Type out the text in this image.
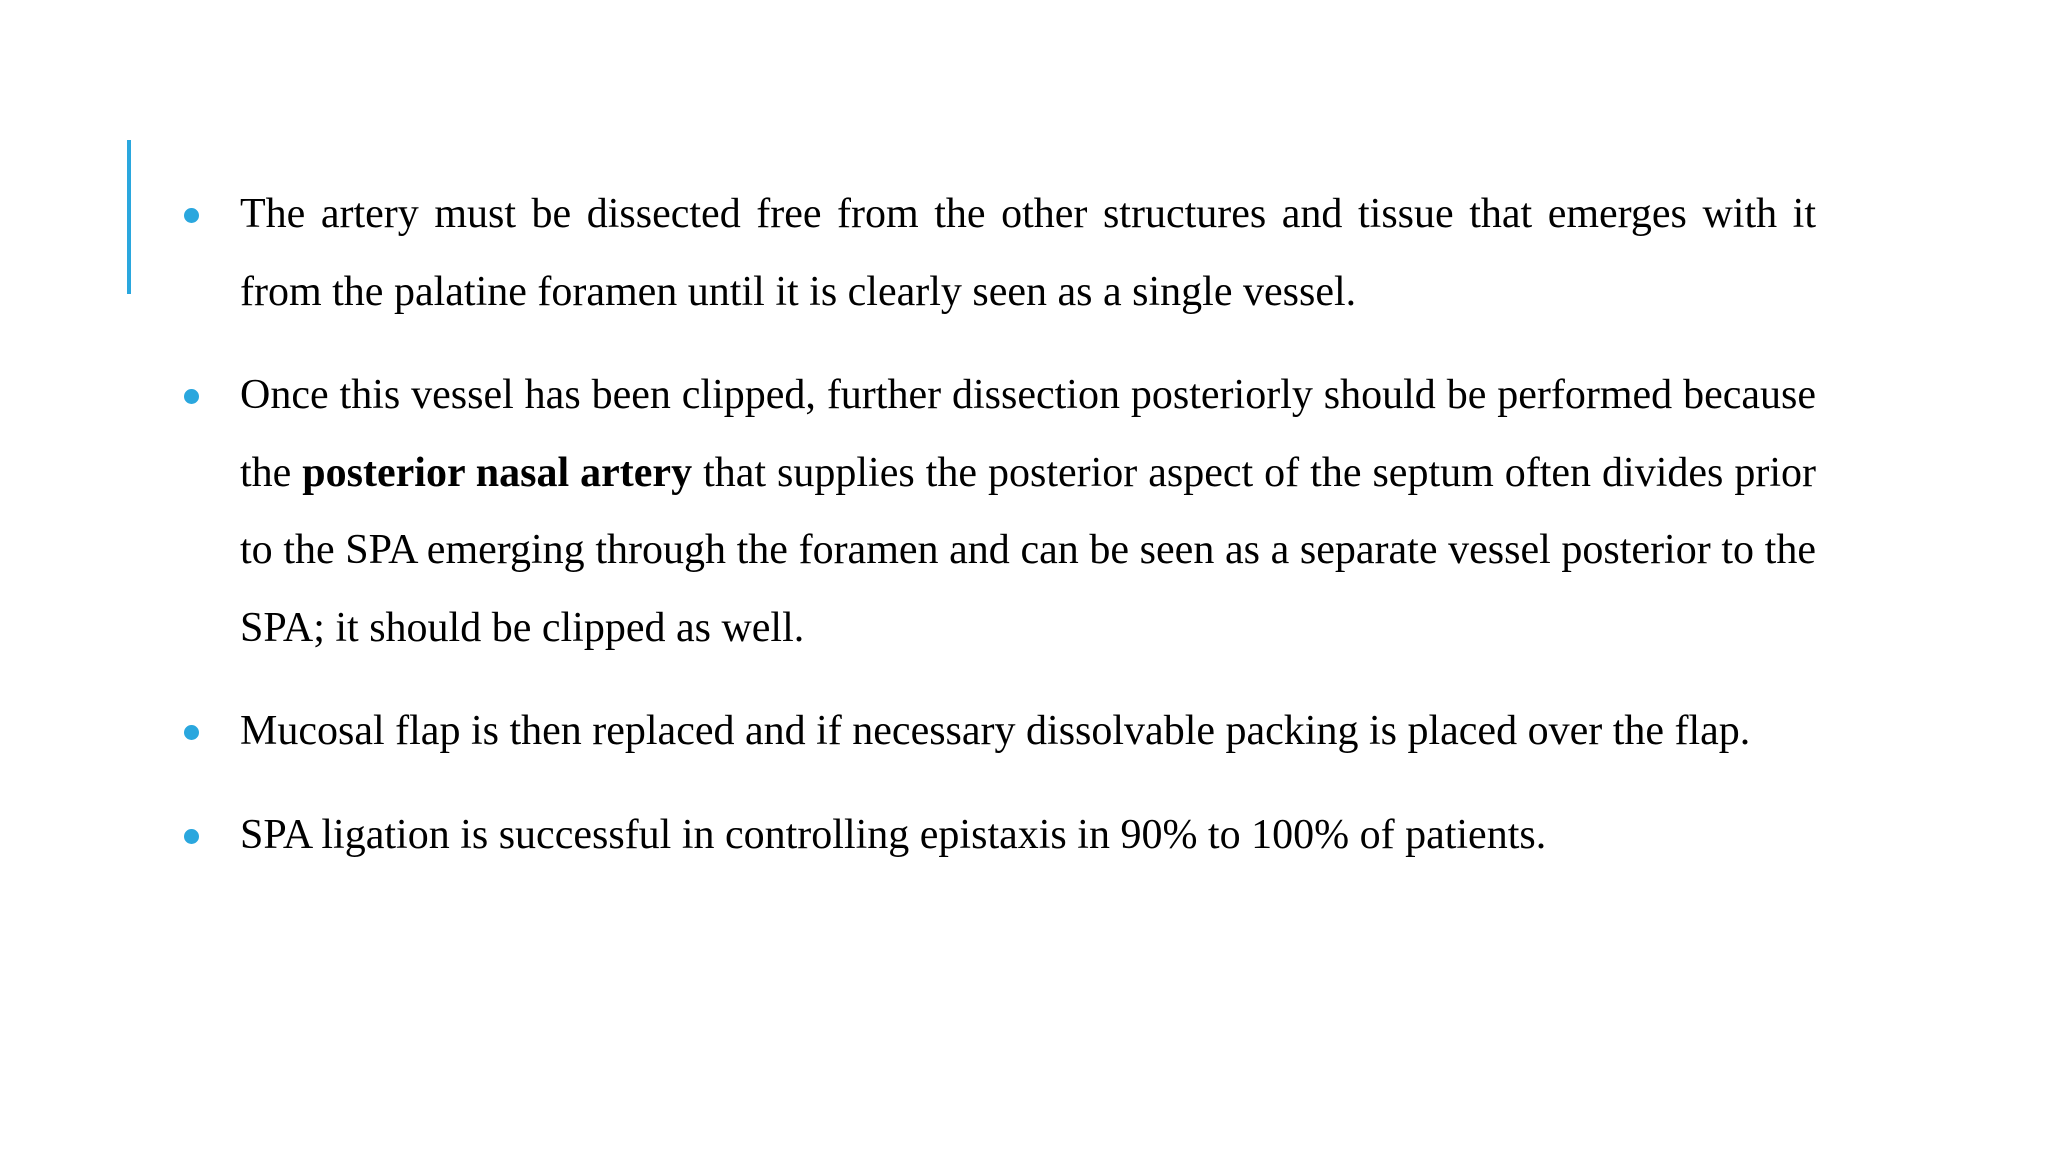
The artery must be dissected free from the other structures and tissue that emerges with it from the palatine foramen until it is clearly seen as a single vessel.
Once this vessel has been clipped, further dissection posteriorly should be performed because the posterior nasal artery that supplies the posterior aspect of the septum often divides prior to the SPA emerging through the foramen and can be seen as a separate vessel posterior to the SPA; it should be clipped as well.
Mucosal flap is then replaced and if necessary dissolvable packing is placed over the flap.
SPA ligation is successful in controlling epistaxis in 90% to 100% of patients.
